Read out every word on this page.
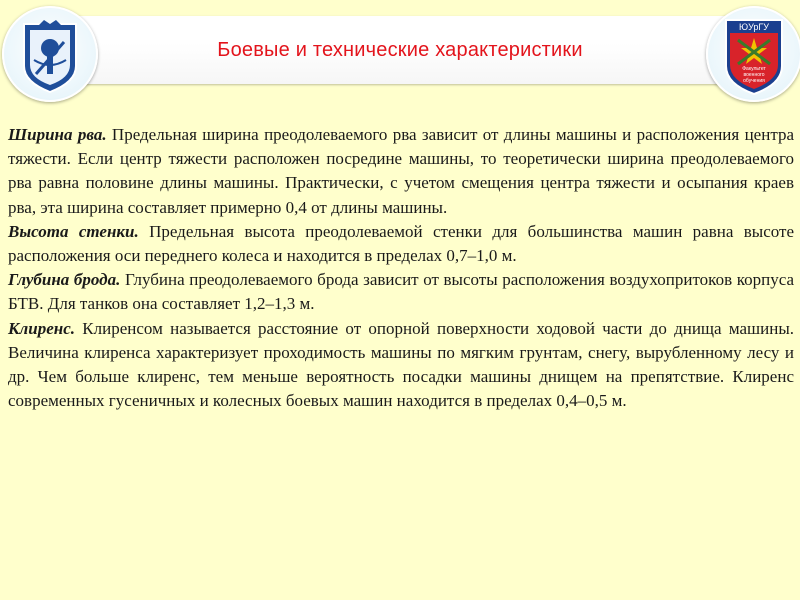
Боевые и технические характеристики
ЮУрГУ
Факультет
военного
обучения

Ширина рва. Предельная ширина преодолеваемого рва зависит от длины машины и расположения центра тяжести. Если центр тяжести расположен посредине машины, то теоретически ширина преодолеваемого рва равна половине длины машины. Практически, с учетом смещения центра тяжести и осыпания краев рва, эта ширина составляет примерно 0,4 от длины машины.

Высота стенки. Предельная высота преодолеваемой стенки для большинства машин равна высоте расположения оси переднего колеса и находится в пределах 0,7–1,0 м.

Глубина брода. Глубина преодолеваемого брода зависит от высоты расположения воздухопритоков корпуса БТВ. Для танков она составляет 1,2–1,3 м.

Клиренс. Клиренсом называется расстояние от опорной поверхности ходовой части до днища машины. Величина клиренса характеризует проходимость машины по мягким грунтам, снегу, вырубленному лесу и др. Чем больше клиренс, тем меньше вероятность посадки машины днищем на препятствие. Клиренс современных гусеничных и колесных боевых машин находится в пределах 0,4–0,5 м.
